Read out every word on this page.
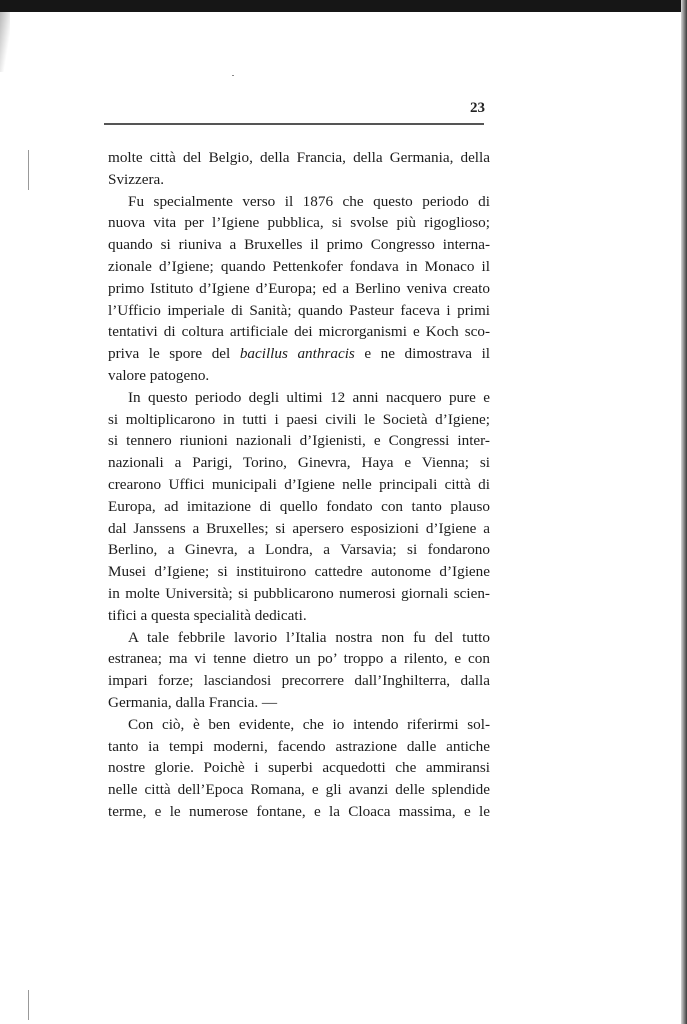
23
molte città del Belgio, della Francia, della Germania, della
Svizzera.
Fu specialmente verso il 1876 che questo periodo di
nuova vita per l’Igiene pubblica, si svolse più rigoglioso;
quando si riuniva a Bruxelles il primo Congresso interna-
zionale d’Igiene; quando Pettenkofer fondava in Monaco il
primo Istituto d’Igiene d’Europa; ed a Berlino veniva creato
l’Ufficio imperiale di Sanità; quando Pasteur faceva i primi
tentativi di coltura artificiale dei microrganismi e Koch sco-
priva le spore del bacillus anthracis e ne dimostrava il
valore patogeno.
In questo periodo degli ultimi 12 anni nacquero pure e
si moltiplicarono in tutti i paesi civili le Società d’Igiene;
si tennero riunioni nazionali d’Igienisti, e Congressi inter-
nazionali a Parigi, Torino, Ginevra, Haya e Vienna; si
crearono Uffici municipali d’Igiene nelle principali città di
Europa, ad imitazione di quello fondato con tanto plauso
dal Janssens a Bruxelles; si apersero esposizioni d’Igiene a
Berlino, a Ginevra, a Londra, a Varsavia; si fondarono
Musei d’Igiene; si instituirono cattedre autonome d’Igiene
in molte Università; si pubblicarono numerosi giornali scien-
tifici a questa specialità dedicati.
A tale febbrile lavorio l’Italia nostra non fu del tutto
estranea; ma vi tenne dietro un po’ troppo a rilento, e con
impari forze; lasciandosi precorrere dall’Inghilterra, dalla
Germania, dalla Francia. —
Con ciò, è ben evidente, che io intendo riferirmi sol-
tanto ia tempi moderni, facendo astrazione dalle antiche
nostre glorie. Poichè i superbi acquedotti che ammiransi
nelle città dell’Epoca Romana, e gli avanzi delle splendide
terme, e le numerose fontane, e la Cloaca massima, e le
